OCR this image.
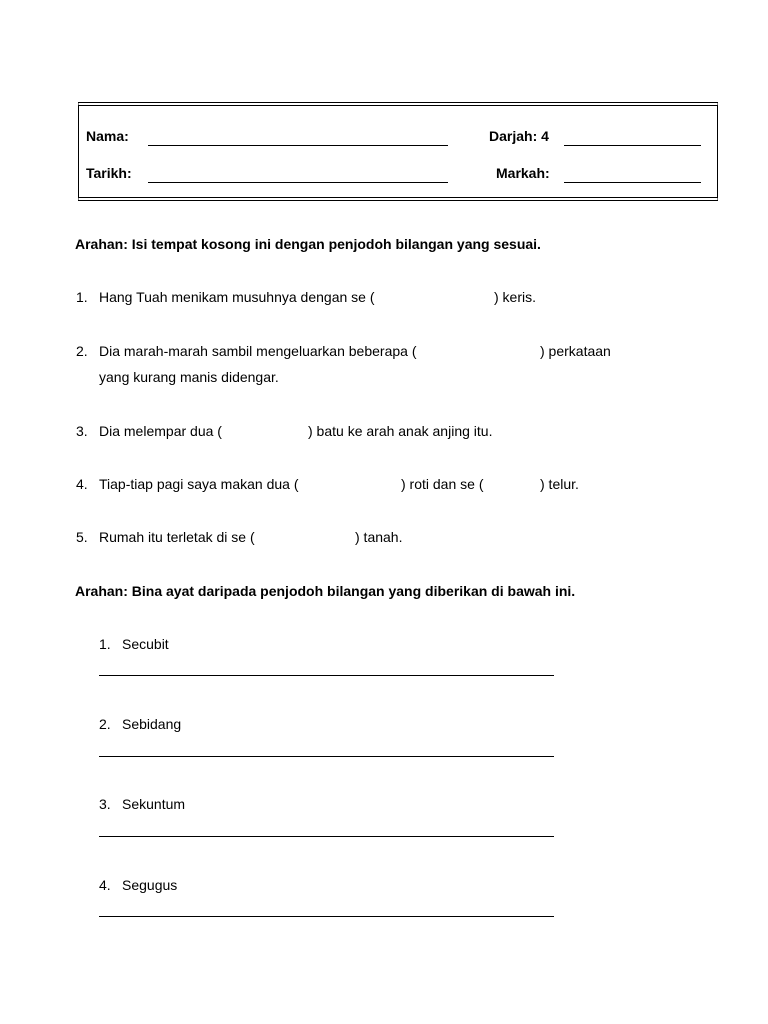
Nama:	Darjah: 4
Tarikh:	Markah:
Arahan: Isi tempat kosong ini dengan penjodoh bilangan yang sesuai.
1. Hang Tuah menikam musuhnya dengan se (	) keris.
2. Dia marah-marah sambil mengeluarkan beberapa (	) perkataan
yang kurang manis didengar.
3. Dia melempar dua (	) batu ke arah anak anjing itu.
4. Tiap-tiap pagi saya makan dua (	) roti dan se (	) telur.
5. Rumah itu terletak di se (	) tanah.
Arahan: Bina ayat daripada penjodoh bilangan yang diberikan di bawah ini.
1. Secubit
2. Sebidang
3. Sekuntum
4. Segugus
